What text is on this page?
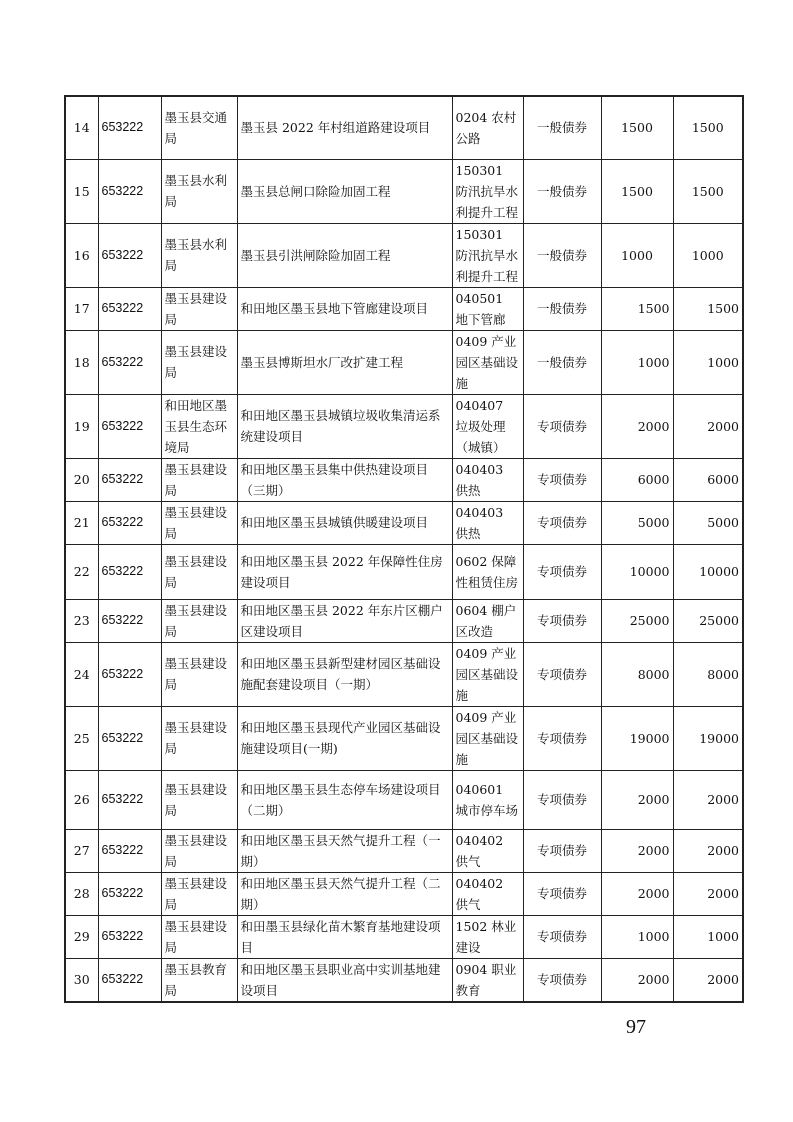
14	653222	墨玉县交通局	墨玉县 2022 年村组道路建设项目	0204 农村公路	一般债券	1500	1500
15	653222	墨玉县水利局	墨玉县总闸口除险加固工程	150301 防汛抗旱水利提升工程	一般债券	1500	1500
16	653222	墨玉县水利局	墨玉县引洪闸除险加固工程	150301 防汛抗旱水利提升工程	一般债券	1000	1000
17	653222	墨玉县建设局	和田地区墨玉县地下管廊建设项目	040501 地下管廊	一般债券	1500	1500
18	653222	墨玉县建设局	墨玉县博斯坦水厂改扩建工程	0409 产业园区基础设施	一般债券	1000	1000
19	653222	和田地区墨玉县生态环境局	和田地区墨玉县城镇垃圾收集清运系统建设项目	040407 垃圾处理（城镇）	专项债券	2000	2000
20	653222	墨玉县建设局	和田地区墨玉县集中供热建设项目（三期）	040403 供热	专项债券	6000	6000
21	653222	墨玉县建设局	和田地区墨玉县城镇供暖建设项目	040403 供热	专项债券	5000	5000
22	653222	墨玉县建设局	和田地区墨玉县 2022 年保障性住房建设项目	0602 保障性租赁住房	专项债券	10000	10000
23	653222	墨玉县建设局	和田地区墨玉县 2022 年东片区棚户区建设项目	0604 棚户区改造	专项债券	25000	25000
24	653222	墨玉县建设局	和田地区墨玉县新型建材园区基础设施配套建设项目（一期）	0409 产业园区基础设施	专项债券	8000	8000
25	653222	墨玉县建设局	和田地区墨玉县现代产业园区基础设施建设项目(一期)	0409 产业园区基础设施	专项债券	19000	19000
26	653222	墨玉县建设局	和田地区墨玉县生态停车场建设项目（二期）	040601 城市停车场	专项债券	2000	2000
27	653222	墨玉县建设局	和田地区墨玉县天然气提升工程（一期）	040402 供气	专项债券	2000	2000
28	653222	墨玉县建设局	和田地区墨玉县天然气提升工程（二期）	040402 供气	专项债券	2000	2000
29	653222	墨玉县建设局	和田墨玉县绿化苗木繁育基地建设项目	1502 林业建设	专项债券	1000	1000
30	653222	墨玉县教育局	和田地区墨玉县职业高中实训基地建设项目	0904 职业教育	专项债券	2000	2000
97
